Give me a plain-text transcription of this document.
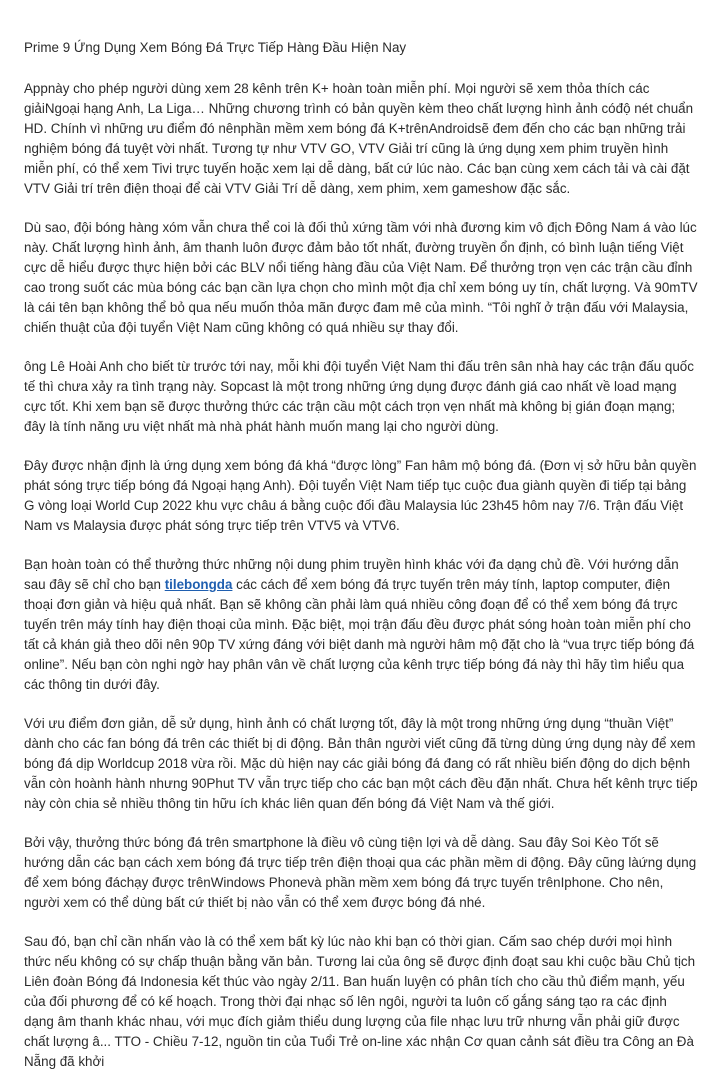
Prime 9 Ứng Dụng Xem Bóng Đá Trực Tiếp Hàng Đầu Hiện Nay

Appnày cho phép người dùng xem 28 kênh trên K+ hoàn toàn miễn phí. Mọi người sẽ xem thỏa thích các giảiNgoại hạng Anh, La Liga… Những chương trình có bản quyền kèm theo chất lượng hình ảnh cóđộ nét chuẩn HD. Chính vì những ưu điểm đó nênphần mềm xem bóng đá K+trênAndroidsẽ đem đến cho các bạn những trải nghiệm bóng đá tuyệt vời nhất. Tương tự như VTV GO, VTV Giải trí cũng là ứng dụng xem phim truyền hình miễn phí, có thể xem Tivi trực tuyến hoặc xem lại dễ dàng, bất cứ lúc nào. Các bạn cùng xem cách tải và cài đặt VTV Giải trí trên điện thoại để cài VTV Giải Trí dễ dàng, xem phim, xem gameshow đặc sắc.

Dù sao, đội bóng hàng xóm vẫn chưa thể coi là đối thủ xứng tầm với nhà đương kim vô địch Đông Nam á vào lúc này. Chất lượng hình ảnh, âm thanh luôn được đảm bảo tốt nhất, đường truyền ổn định, có bình luận tiếng Việt cực dễ hiểu được thực hiện bởi các BLV nổi tiếng hàng đầu của Việt Nam. Để thưởng trọn vẹn các trận cầu đỉnh cao trong suốt các mùa bóng các bạn cần lựa chọn cho mình một địa chỉ xem bóng uy tín, chất lượng. Và 90mTV là cái tên bạn không thể bỏ qua nếu muốn thỏa mãn được đam mê của mình. “Tôi nghĩ ở trận đấu với Malaysia, chiến thuật của đội tuyển Việt Nam cũng không có quá nhiều sự thay đổi.

ông Lê Hoài Anh cho biết từ trước tới nay, mỗi khi đội tuyển Việt Nam thi đấu trên sân nhà hay các trận đấu quốc tế thì chưa xảy ra tình trạng này. Sopcast là một trong những ứng dụng được đánh giá cao nhất về load mạng cực tốt. Khi xem bạn sẽ được thưởng thức các trận cầu một cách trọn vẹn nhất mà không bị gián đoạn mạng; đây là tính năng ưu việt nhất mà nhà phát hành muốn mang lại cho người dùng.

Đây được nhận định là ứng dụng xem bóng đá khá “được lòng” Fan hâm mộ bóng đá. (Đơn vị sở hữu bản quyền phát sóng trực tiếp bóng đá Ngoại hạng Anh). Đội tuyển Việt Nam tiếp tục cuộc đua giành quyền đi tiếp tại bảng G vòng loại World Cup 2022 khu vực châu á bằng cuộc đối đầu Malaysia lúc 23h45 hôm nay 7/6. Trận đấu Việt Nam vs Malaysia được phát sóng trực tiếp trên VTV5 và VTV6.

Bạn hoàn toàn có thể thưởng thức những nội dung phim truyền hình khác với đa dạng chủ đề. Với hướng dẫn sau đây sẽ chỉ cho bạn tilebongda các cách để xem bóng đá trực tuyến trên máy tính, laptop computer, điện thoại đơn giản và hiệu quả nhất. Bạn sẽ không cần phải làm quá nhiều công đoạn để có thể xem bóng đá trực tuyến trên máy tính hay điện thoại của mình. Đặc biệt, mọi trận đấu đều được phát sóng hoàn toàn miễn phí cho tất cả khán giả theo dõi nên 90p TV xứng đáng với biệt danh mà người hâm mộ đặt cho là “vua trực tiếp bóng đá online”. Nếu bạn còn nghi ngờ hay phân vân về chất lượng của kênh trực tiếp bóng đá này thì hãy tìm hiểu qua các thông tin dưới đây.

Với ưu điểm đơn giản, dễ sử dụng, hình ảnh có chất lượng tốt, đây là một trong những ứng dụng “thuần Việt” dành cho các fan bóng đá trên các thiết bị di động. Bản thân người viết cũng đã từng dùng ứng dụng này để xem bóng đá dịp Worldcup 2018 vừa rồi. Mặc dù hiện nay các giải bóng đá đang có rất nhiều biến động do dịch bệnh vẫn còn hoành hành nhưng 90Phut TV vẫn trực tiếp cho các bạn một cách đều đặn nhất. Chưa hết kênh trực tiếp này còn chia sẻ nhiều thông tin hữu ích khác liên quan đến bóng đá Việt Nam và thế giới.

Bởi vậy, thưởng thức bóng đá trên smartphone là điều vô cùng tiện lợi và dễ dàng. Sau đây Soi Kèo Tốt sẽ hướng dẫn các bạn cách xem bóng đá trực tiếp trên điện thoại qua các phần mềm di động. Đây cũng làứng dụng để xem bóng đáchạy được trênWindows Phonevà phần mềm xem bóng đá trực tuyến trênIphone. Cho nên, người xem có thể dùng bất cứ thiết bị nào vẫn có thể xem được bóng đá nhé.

Sau đó, bạn chỉ cần nhấn vào là có thể xem bất kỳ lúc nào khi bạn có thời gian. Cấm sao chép dưới mọi hình thức nếu không có sự chấp thuận bằng văn bản. Tương lai của ông sẽ được định đoạt sau khi cuộc bầu Chủ tịch Liên đoàn Bóng đá Indonesia kết thúc vào ngày 2/11. Ban huấn luyện có phân tích cho cầu thủ điểm mạnh, yếu của đối phương để có kế hoạch. Trong thời đại nhạc số lên ngôi, người ta luôn cố gắng sáng tạo ra các định dạng âm thanh khác nhau, với mục đích giảm thiểu dung lượng của file nhạc lưu trữ nhưng vẫn phải giữ được chất lượng â... TTO - Chiều 7-12, nguồn tin của Tuổi Trẻ on-line xác nhận Cơ quan cảnh sát điều tra Công an Đà Nẵng đã khởi
